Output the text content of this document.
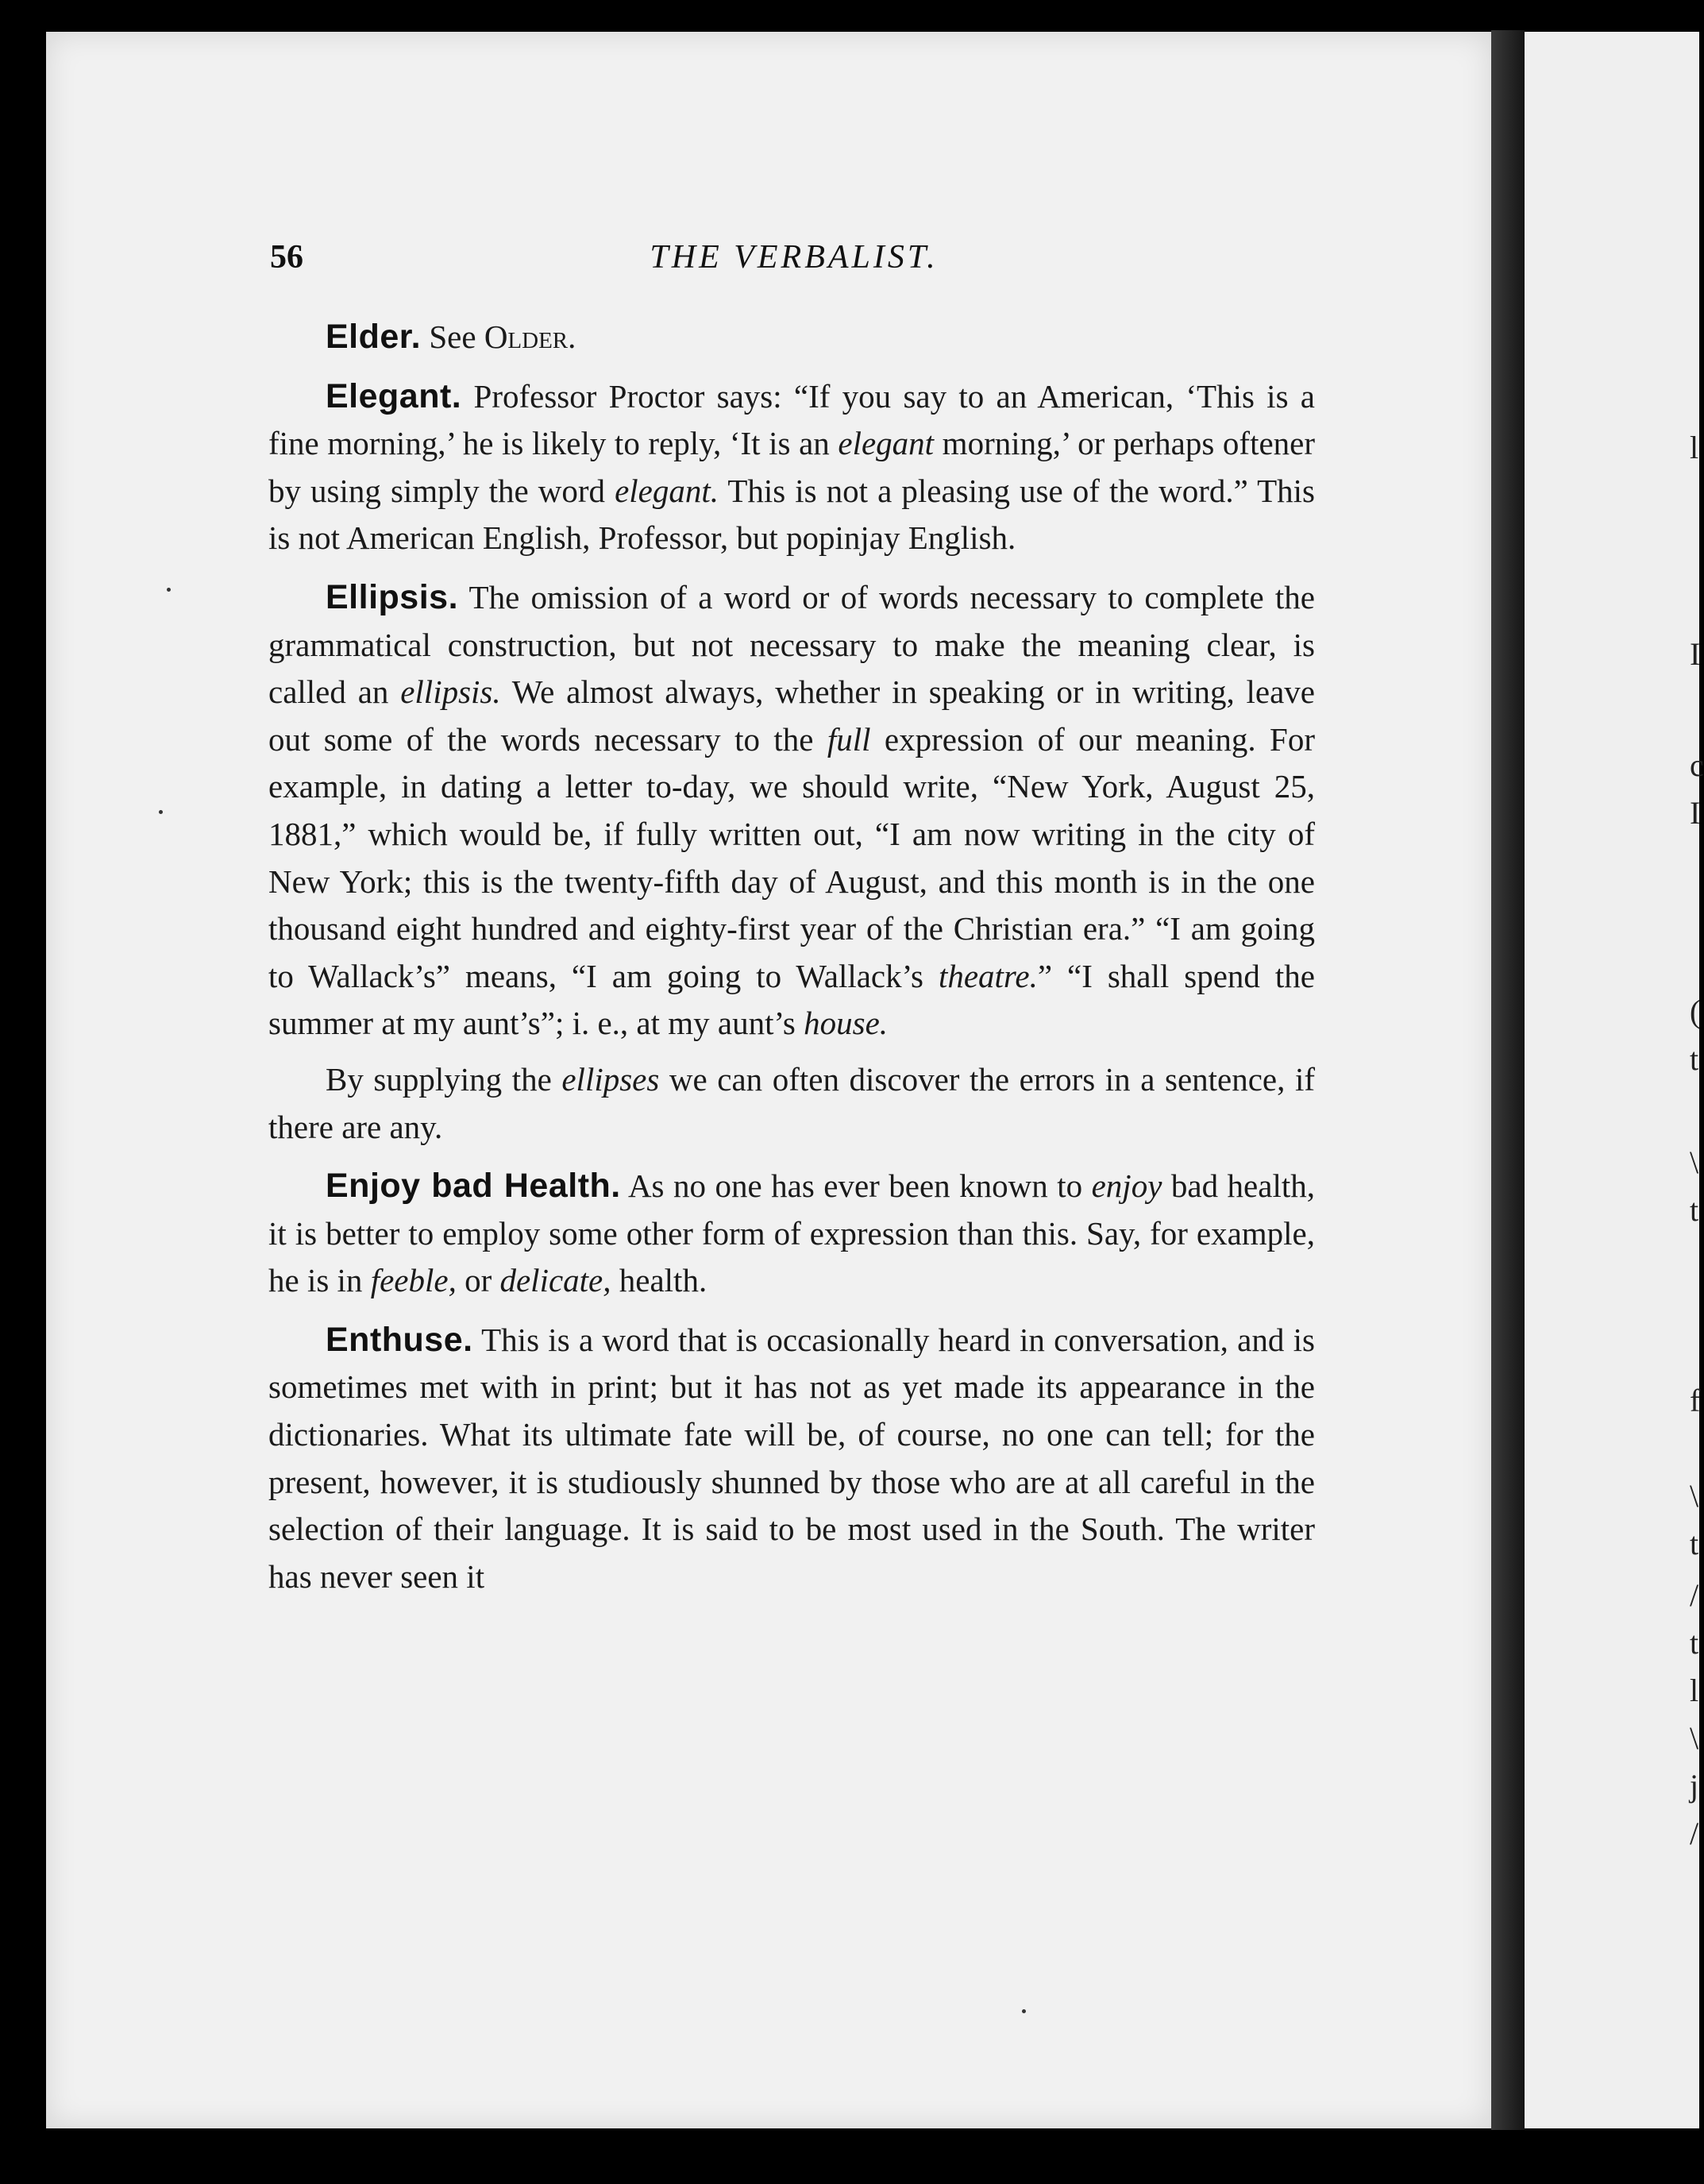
l
I
c
I
(
t
\
t
f
\
t
/
t
l
\
j
/
56	THE VERBALIST.

Elder. See Older.

Elegant. Professor Proctor says: “If you say to an American, ‘This is a fine morning,’ he is likely to reply, ‘It is an elegant morning,’ or perhaps oftener by using simply the word elegant. This is not a pleasing use of the word.” This is not American English, Professor, but popinjay English.

Ellipsis. The omission of a word or of words necessary to complete the grammatical construction, but not necessary to make the meaning clear, is called an ellipsis. We almost always, whether in speaking or in writing, leave out some of the words necessary to the full expression of our meaning. For example, in dating a letter to-day, we should write, “New York, August 25, 1881,” which would be, if fully written out, “I am now writing in the city of New York; this is the twenty-fifth day of August, and this month is in the one thousand eight hundred and eighty-first year of the Christian era.” “I am going to Wallack’s” means, “I am going to Wallack’s theatre.” “I shall spend the summer at my aunt’s”; i. e., at my aunt’s house.

By supplying the ellipses we can often discover the errors in a sentence, if there are any.

Enjoy bad Health. As no one has ever been known to enjoy bad health, it is better to employ some other form of expression than this. Say, for example, he is in feeble, or delicate, health.

Enthuse. This is a word that is occasionally heard in conversation, and is sometimes met with in print; but it has not as yet made its appearance in the dictionaries. What its ultimate fate will be, of course, no one can tell; for the present, however, it is studiously shunned by those who are at all careful in the selection of their language. It is said to be most used in the South. The writer has never seen it
